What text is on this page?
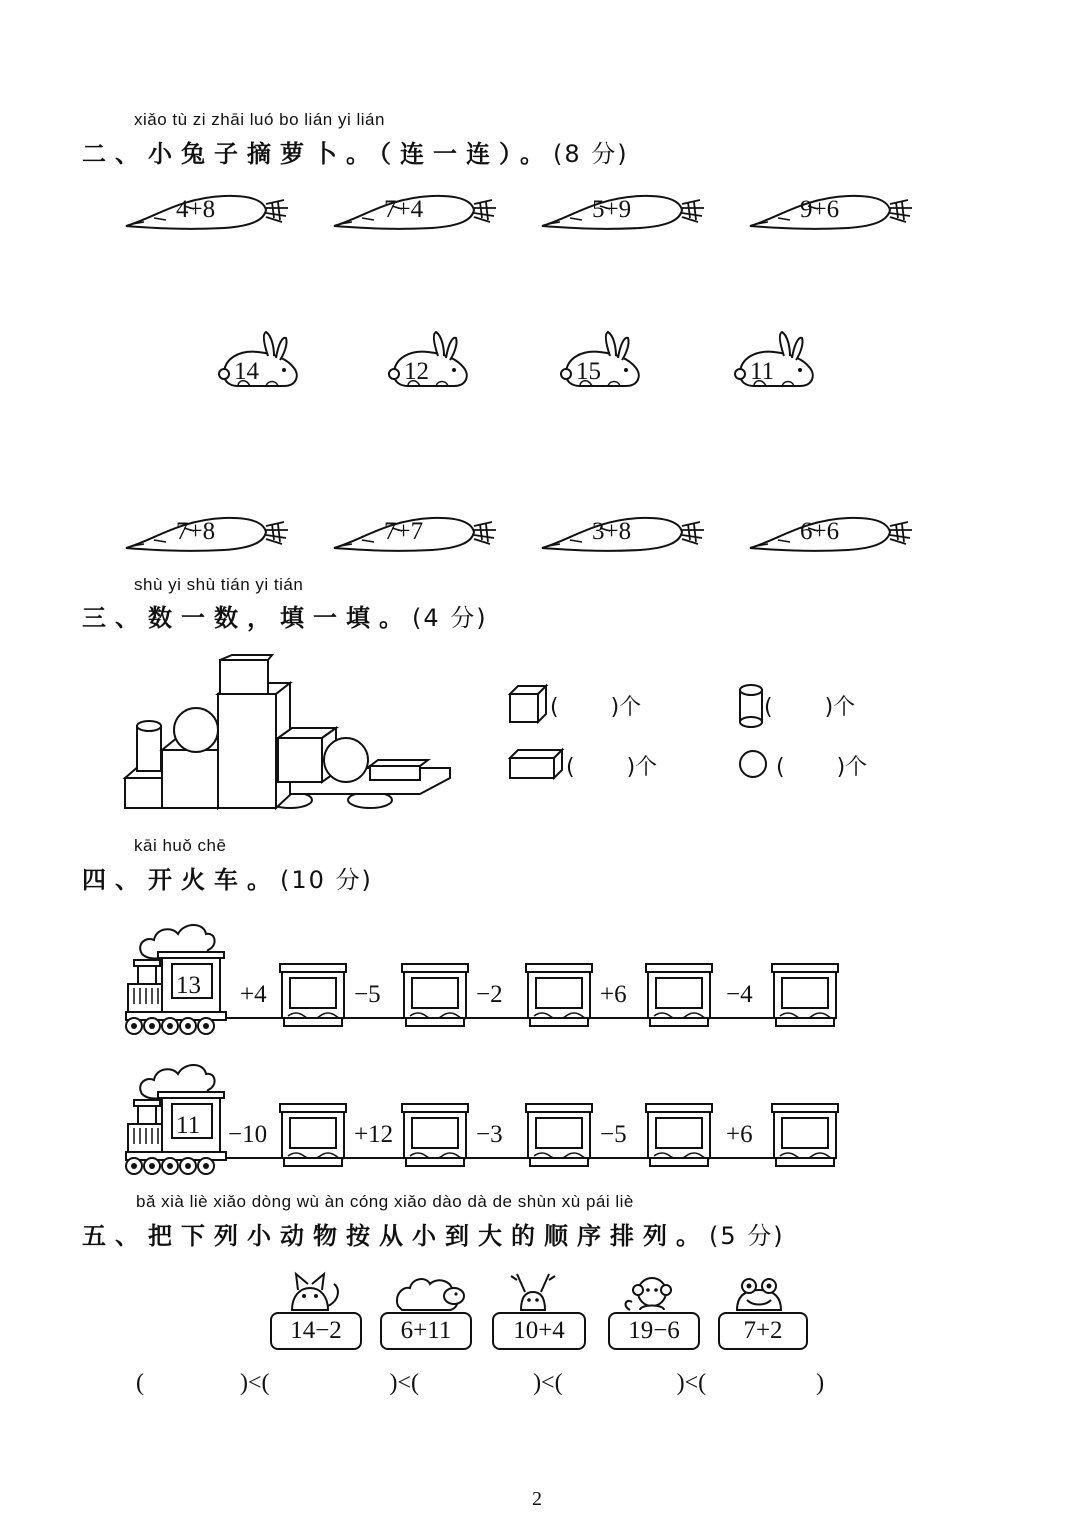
xiǎo tù zi zhāi luó bo lián yi lián
二、小兔子摘萝卜。（连一连）。(8 分)
4+8	7+4	5+9	9+6
14	12	15	11
7+8	7+7	3+8	6+6
shù yi shù tián yi tián
三、数一数，填一填。(4 分)
( )个	( )个
( )个	( )个
kāi huǒ chē
四、开火车。(10 分)
13 +4	−5	−2	+6	−4
11 −10	+12	−3	−5	+6
bǎ xià liè xiǎo dòng wù àn cóng xiǎo dào dà de shùn xù pái liè
五、把下列小动物按从小到大的顺序排列。(5 分)
14−2	6+11	10+4	19−6	7+2
(	)<(	)<(	)<(	)<(	)
2
